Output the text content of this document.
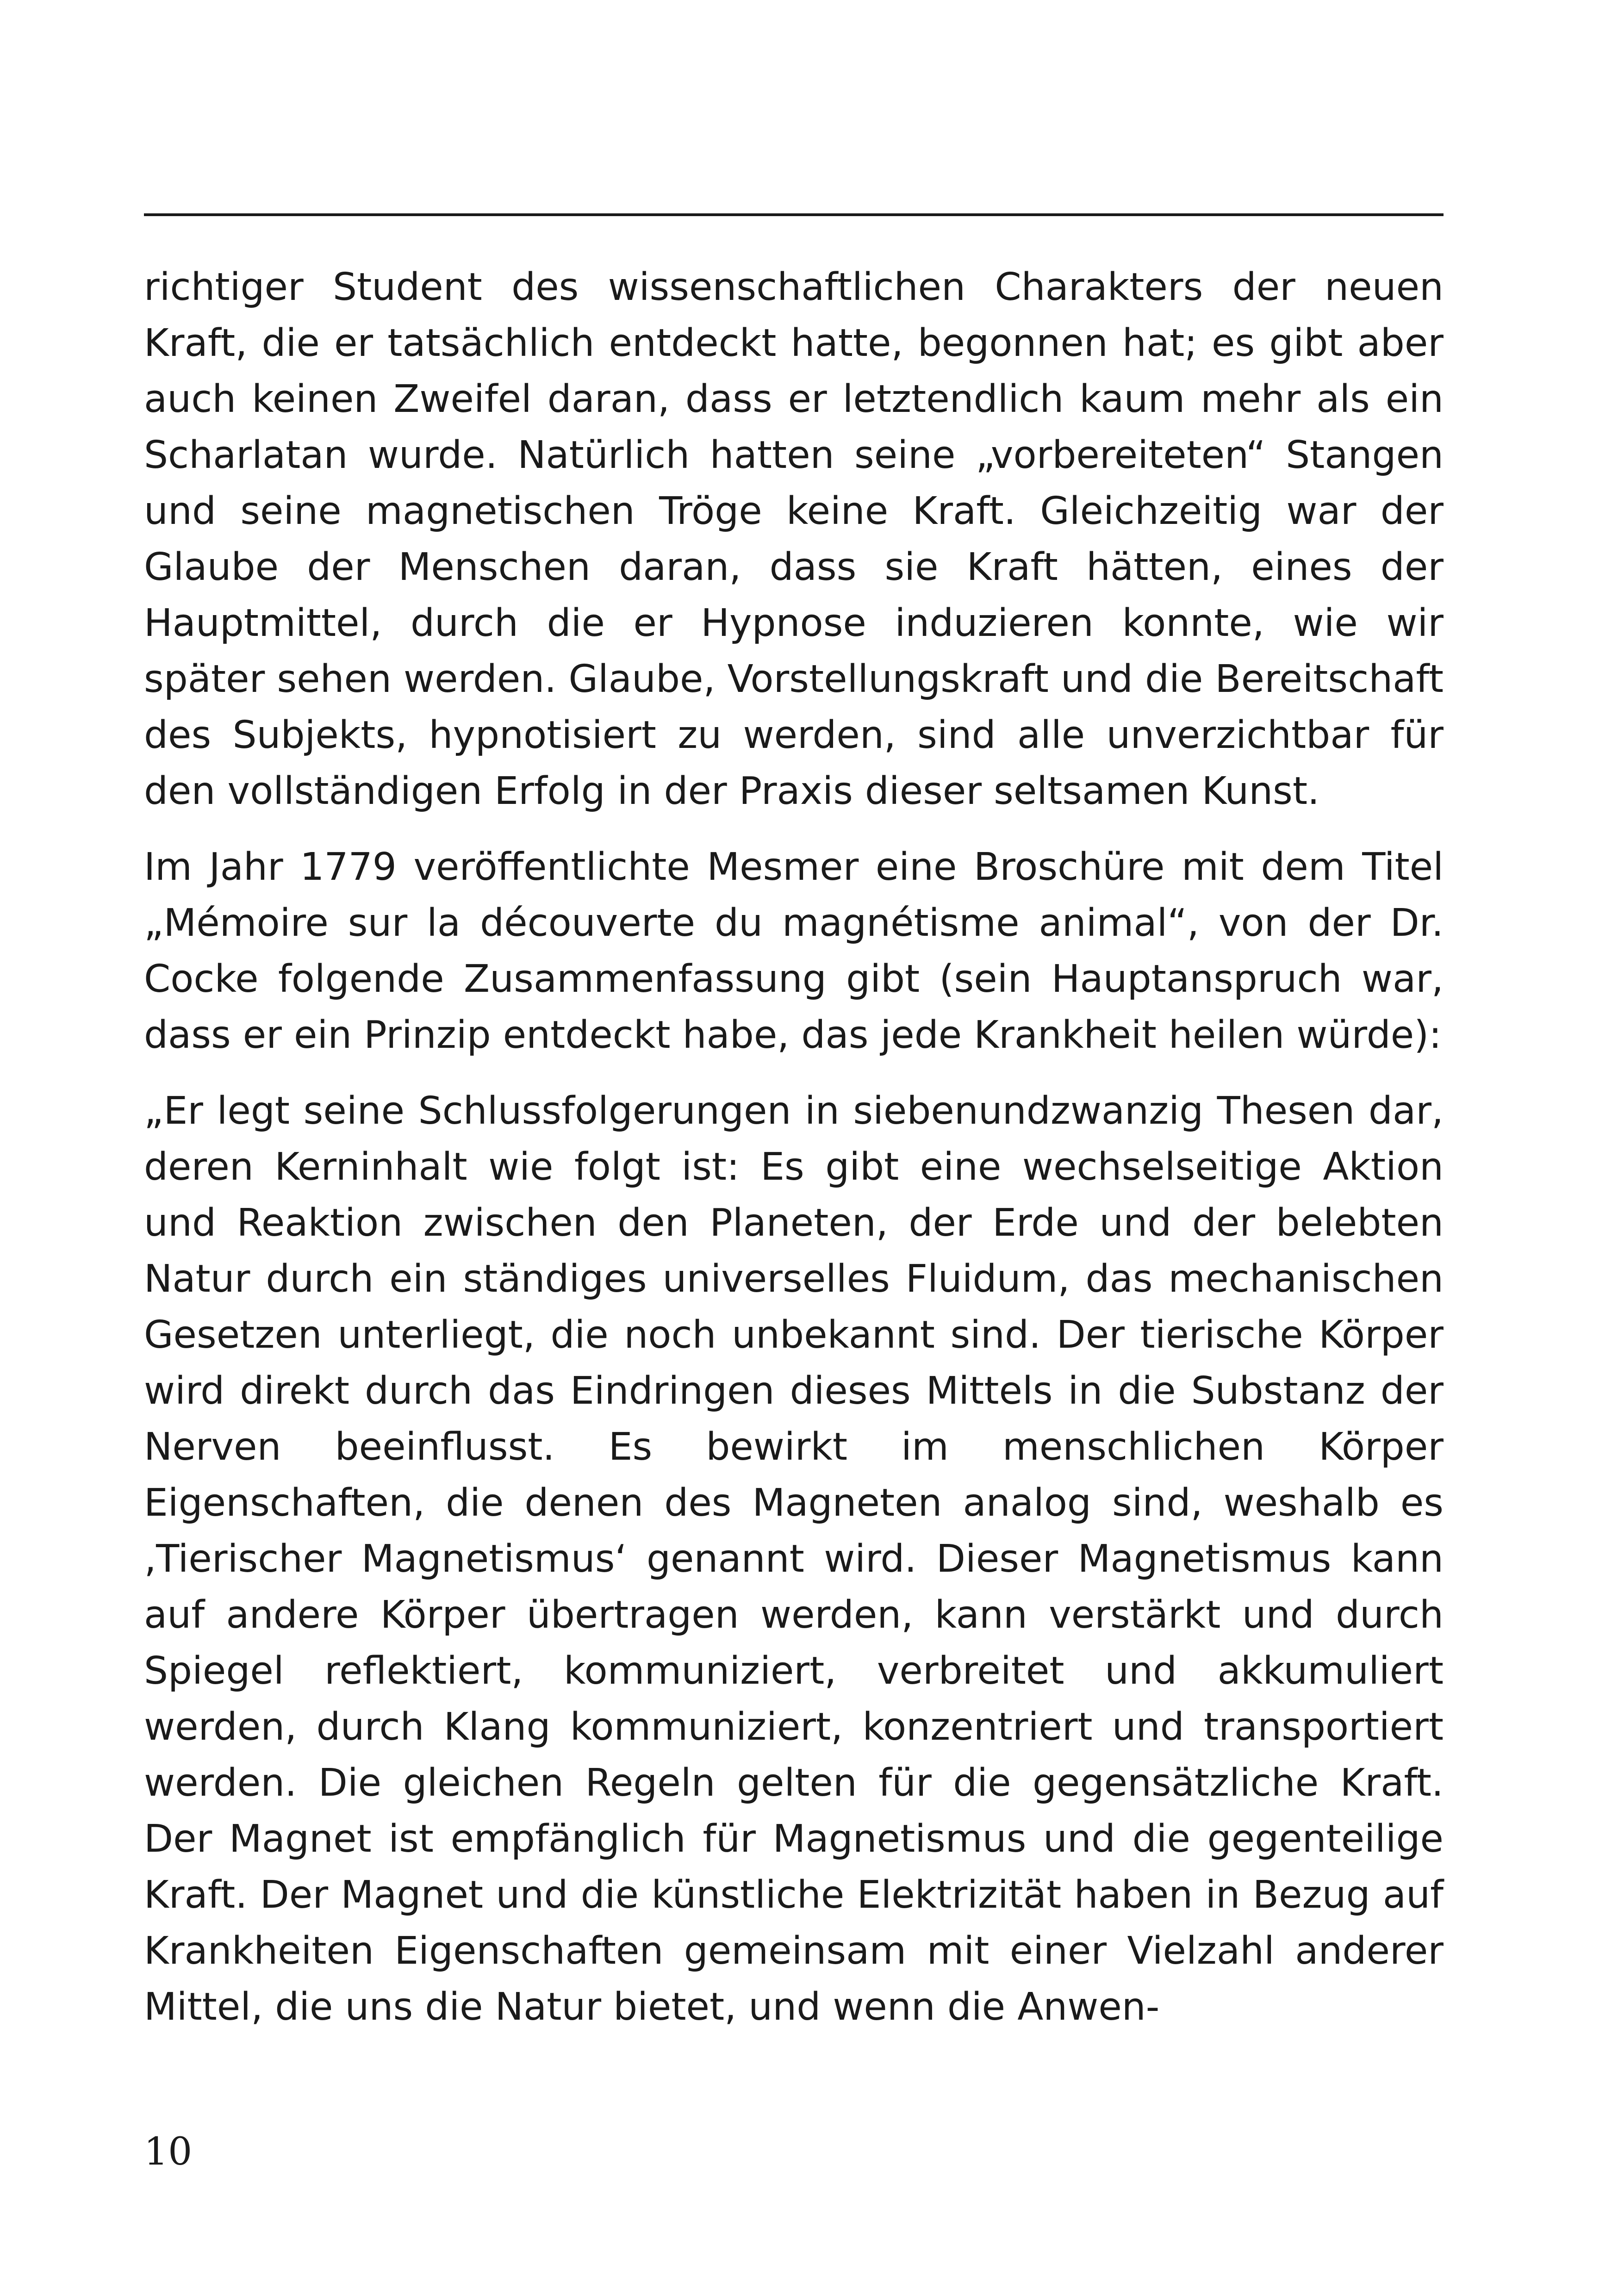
richtiger Student des wissenschaftlichen Charakters der neuen Kraft, die er tatsächlich entdeckt hatte, begonnen hat; es gibt aber auch keinen Zweifel daran, dass er letztendlich kaum mehr als ein Scharlatan wurde. Natürlich hatten seine „vorbereiteten“ Stangen und seine magnetischen Tröge keine Kraft. Gleichzeitig war der Glaube der Menschen daran, dass sie Kraft hätten, eines der Hauptmittel, durch die er Hypnose induzieren konnte, wie wir später sehen werden. Glaube, Vorstellungskraft und die Bereitschaft des Subjekts, hypnotisiert zu werden, sind alle unverzichtbar für den vollständigen Erfolg in der Praxis dieser seltsamen Kunst.

Im Jahr 1779 veröffentlichte Mesmer eine Broschüre mit dem Titel „Mémoire sur la découverte du magnétisme animal“, von der Dr. Cocke folgende Zusammenfassung gibt (sein Hauptanspruch war, dass er ein Prinzip entdeckt habe, das jede Krankheit heilen würde):

„Er legt seine Schlussfolgerungen in siebenundzwanzig Thesen dar, deren Kerninhalt wie folgt ist: Es gibt eine wechselseitige Aktion und Reaktion zwischen den Planeten, der Erde und der belebten Natur durch ein ständiges universelles Fluidum, das mechanischen Gesetzen unterliegt, die noch unbekannt sind. Der tierische Körper wird direkt durch das Eindringen dieses Mittels in die Substanz der Nerven beeinflusst. Es bewirkt im menschlichen Körper Eigenschaften, die denen des Magneten analog sind, weshalb es ‚Tierischer Magnetismus‘ genannt wird. Dieser Magnetismus kann auf andere Körper übertragen werden, kann verstärkt und durch Spiegel reflektiert, kommuniziert, verbreitet und akkumuliert werden, durch Klang kommuniziert, konzentriert und transportiert werden. Die gleichen Regeln gelten für die gegensätzliche Kraft. Der Magnet ist empfänglich für Magnetismus und die gegenteilige Kraft. Der Magnet und die künstliche Elektrizität haben in Bezug auf Krankheiten Eigenschaften gemeinsam mit einer Vielzahl anderer Mittel, die uns die Natur bietet, und wenn die Anwen-

10
